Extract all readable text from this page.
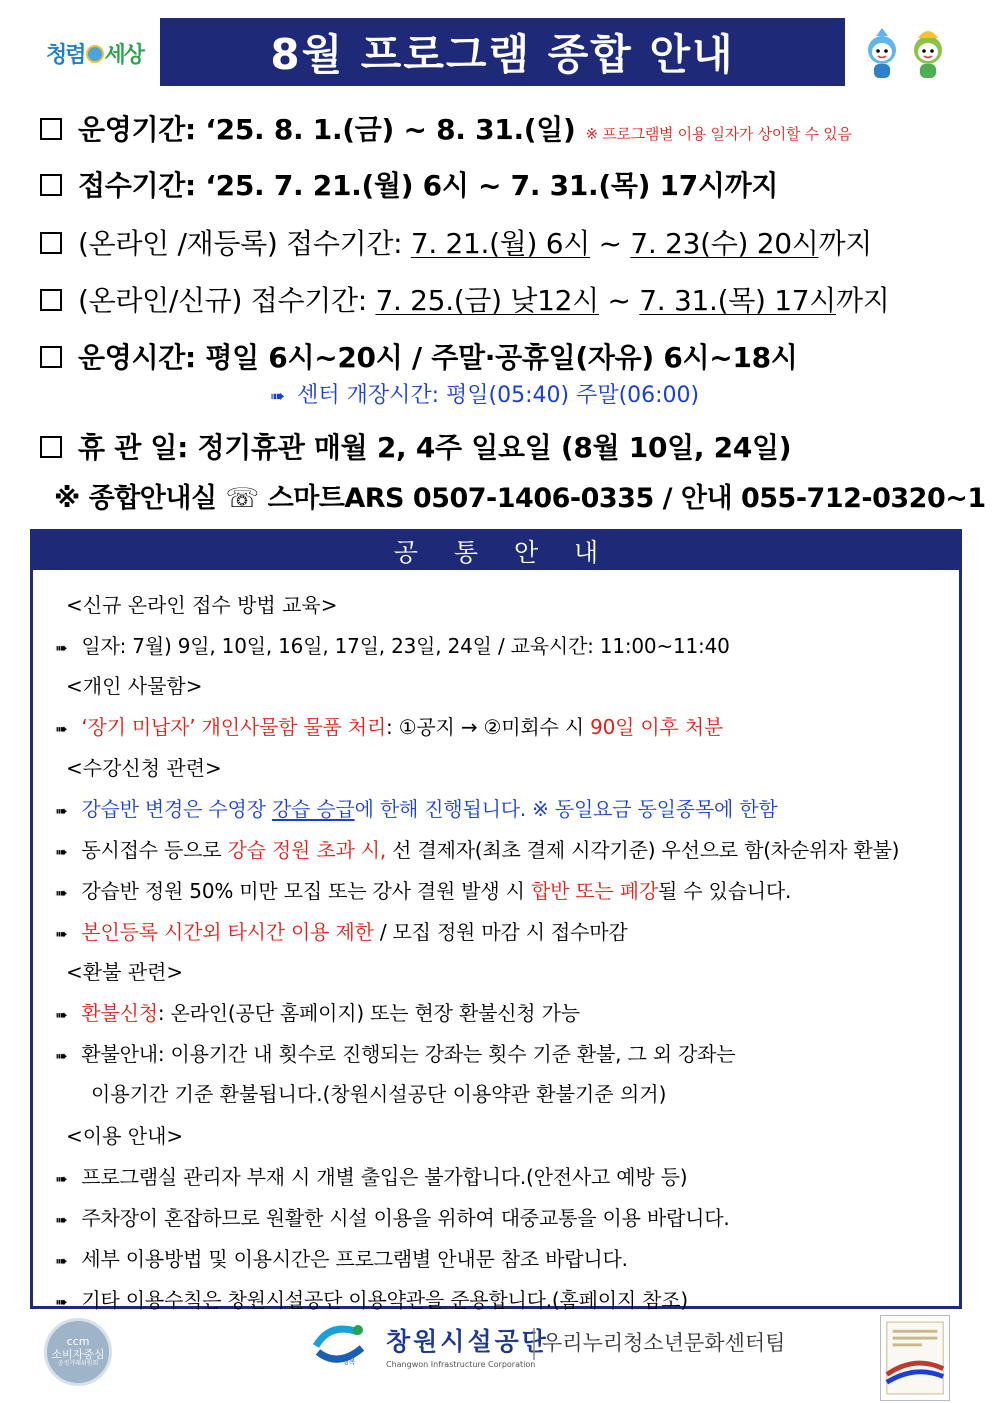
청렴 세상	8월 프로그램 종합 안내
운영기간: ‘25. 8. 1.(금) ~ 8. 31.(일) ※ 프로그램별 이용 일자가 상이할 수 있음
접수기간: ‘25. 7. 21.(월) 6시 ~ 7. 31.(목) 17시까지
(온라인 /재등록) 접수기간: 7. 21.(월) 6시 ~ 7. 23(수) 20시까지
(온라인/신규) 접수기간: 7. 25.(금) 낮12시 ~ 7. 31.(목) 17시까지
운영시간: 평일 6시~20시 / 주말·공휴일(자유) 6시~18시
➠ 센터 개장시간: 평일(05:40) 주말(06:00)
휴 관 일: 정기휴관 매월 2, 4주 일요일 (8월 10일, 24일)
※ 종합안내실 ☏ 스마트ARS 0507-1406-0335 / 안내 055-712-0320~1
공 통 안 내
<신규 온라인 접수 방법 교육>
➠ 일자: 7월) 9일, 10일, 16일, 17일, 23일, 24일 / 교육시간: 11:00~11:40
<개인 사물함>
➠ ‘장기 미납자’ 개인사물함 물품 처리: ①공지 → ②미회수 시 90일 이후 처분
<수강신청 관련>
➠ 강습반 변경은 수영장 강습 승급에 한해 진행됩니다. ※ 동일요금 동일종목에 한함
➠ 동시접수 등으로 강습 정원 초과 시, 선 결제자(최초 결제 시각기준) 우선으로 함(차순위자 환불)
➠ 강습반 정원 50% 미만 모집 또는 강사 결원 발생 시 합반 또는 폐강될 수 있습니다.
➠ 본인등록 시간외 타시간 이용 제한 / 모집 정원 마감 시 접수마감
<환불 관련>
➠ 환불신청: 온라인(공단 홈페이지) 또는 현장 환불신청 가능
➠ 환불안내: 이용기간 내 횟수로 진행되는 강좌는 횟수 기준 환불, 그 외 강좌는
이용기간 기준 환불됩니다.(창원시설공단 이용약관 환불기준 의거)
<이용 안내>
➠ 프로그램실 관리자 부재 시 개별 출입은 불가합니다.(안전사고 예방 등)
➠ 주차장이 혼잡하므로 원활한 시설 이용을 위하여 대중교통을 이용 바랍니다.
➠ 세부 이용방법 및 이용시간은 프로그램별 안내문 참조 바랍니다.
➠ 기타 이용수칙은 창원시설공단 이용약관을 준용합니다.(홈페이지 참조)
ccm
소비자중심
공정거래위원회	행복
창원시설공단
Changwon Infrastructure Corporation
우리누리청소년문화센터팀
